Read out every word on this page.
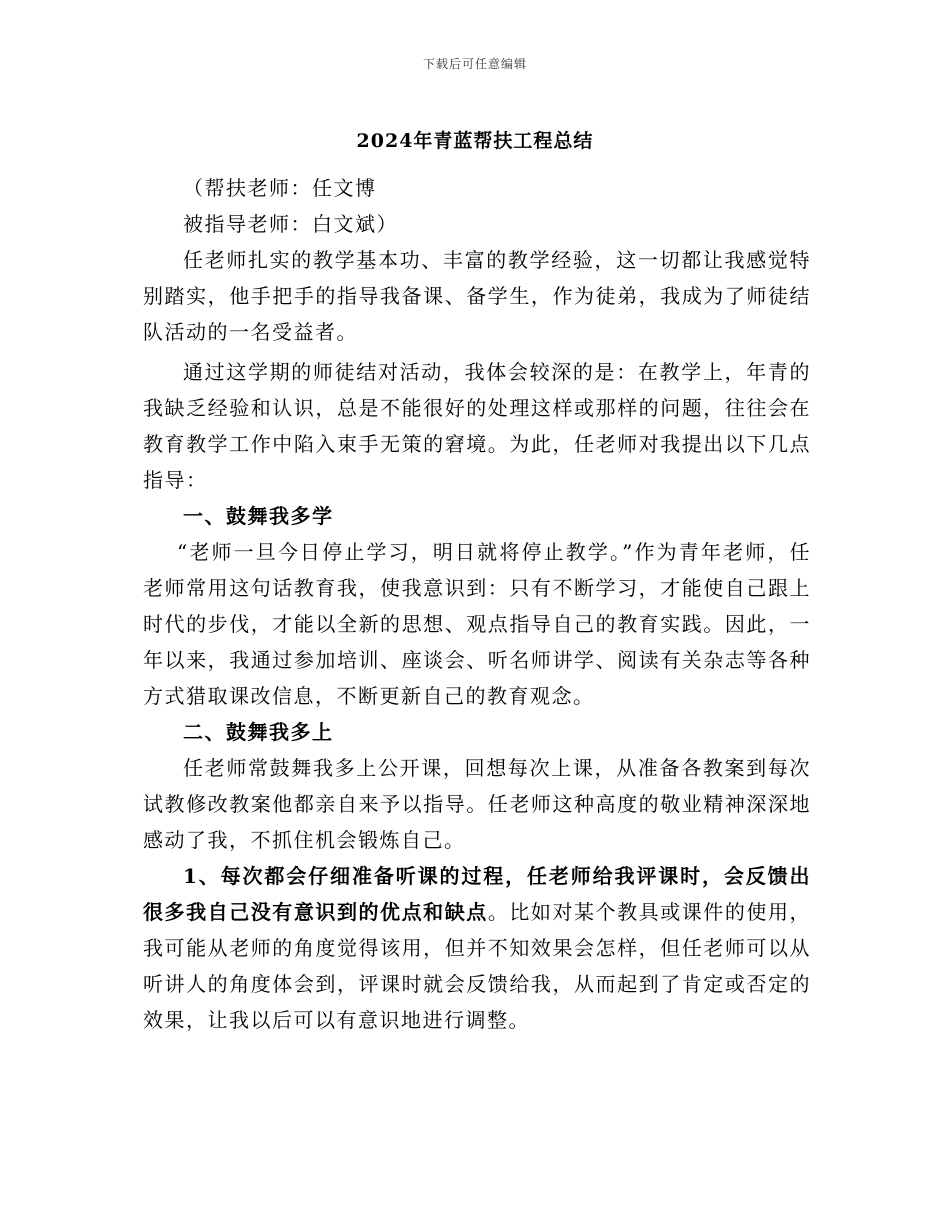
下载后可任意编辑
2024年青蓝帮扶工程总结

（帮扶老师：任文博

被指导老师：白文斌）

任老师扎实的教学基本功、丰富的教学经验，这一切都让我感觉特别踏实，他手把手的指导我备课、备学生，作为徒弟，我成为了师徒结队活动的一名受益者。

通过这学期的师徒结对活动，我体会较深的是：在教学上，年青的我缺乏经验和认识，总是不能很好的处理这样或那样的问题，往往会在教育教学工作中陷入束手无策的窘境。为此，任老师对我提出以下几点指导：

一、鼓舞我多学

“老师一旦今日停止学习，明日就将停止教学。”作为青年老师，任老师常用这句话教育我，使我意识到：只有不断学习，才能使自己跟上时代的步伐，才能以全新的思想、观点指导自己的教育实践。因此，一年以来，我通过参加培训、座谈会、听名师讲学、阅读有关杂志等各种方式猎取课改信息，不断更新自己的教育观念。

二、鼓舞我多上

任老师常鼓舞我多上公开课，回想每次上课，从准备各教案到每次试教修改教案他都亲自来予以指导。任老师这种高度的敬业精神深深地感动了我，不抓住机会锻炼自己。

1、每次都会仔细准备听课的过程，任老师给我评课时，会反馈出很多我自己没有意识到的优点和缺点。比如对某个教具或课件的使用，我可能从老师的角度觉得该用，但并不知效果会怎样，但任老师可以从听讲人的角度体会到，评课时就会反馈给我，从而起到了肯定或否定的效果，让我以后可以有意识地进行调整。
